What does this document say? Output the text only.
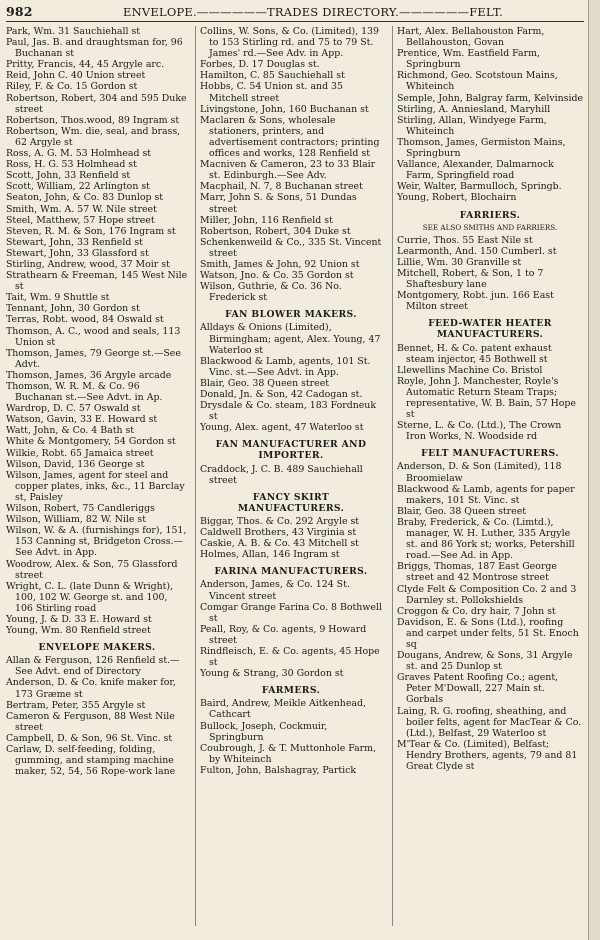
982	ENVELOPE.——————TRADES DIRECTORY.——————FELT.

Park, Wm. 31 Sauchiehall st

Paul, Jas. B. and draughtsman for, 96 Buchanan st

Pritty, Francis, 44, 45 Argyle arc.

Reid, John C. 40 Union street

Riley, F. & Co. 15 Gordon st

Robertson, Robert, 304 and 595 Duke street

Robertson, Thos.wood, 89 Ingram st

Robertson, Wm. die, seal, and brass, 62 Argyle st

Ross, A. G. M. 53 Holmhead st

Ross, H. G. 53 Holmhead st

Scott, John, 33 Renfield st

Scott, William, 22 Arlington st

Seaton, John, & Co. 83 Dunlop st

Smith, Wm. A. 57 W. Nile street

Steel, Matthew, 57 Hope street

Steven, R. M. & Son, 176 Ingram st

Stewart, John, 33 Renfield st

Stewart, John, 33 Glassford st

Stirling, Andrew, wood, 37 Moir st

Strathearn & Freeman, 145 West Nile st

Tait, Wm. 9 Shuttle st

Tennant, John, 30 Gordon st

Terras, Robt. wood, 84 Oswald st

Thomson, A. C., wood and seals, 113 Union st

Thomson, James, 79 George st.—See Advt.

Thomson, James, 36 Argyle arcade

Thomson, W. R. M. & Co. 96 Buchanan st.—See Advt. in Ap.

Wardrop, D. C. 57 Oswald st

Watson, Gavin, 33 E. Howard st

Watt, John, & Co. 4 Bath st

White & Montgomery, 54 Gordon st

Wilkie, Robt. 65 Jamaica street

Wilson, David, 136 George st

Wilson, James, agent for steel and copper plates, inks, &c., 11 Barclay st, Paisley

Wilson, Robert, 75 Candleriggs

Wilson, William, 82 W. Nile st

Wilson, W. & A. (furnishings for), 151, 153 Canning st, Bridgeton Cross.—See Advt. in App.

Woodrow, Alex. & Son, 75 Glassford street

Wright, C. L. (late Dunn & Wright), 100, 102 W. George st. and 100, 106 Stirling road

Young, J. & D. 33 E. Howard st

Young, Wm. 80 Renfield street

ENVELOPE MAKERS.

Allan & Ferguson, 126 Renfield st.—See Advt. end of Directory

Anderson, D. & Co. knife maker for, 173 Græme st

Bertram, Peter, 355 Argyle st

Cameron & Ferguson, 88 West Nile street

Campbell, D. & Son, 96 St. Vinc. st

Carlaw, D. self-feeding, folding, gumming, and stamping machine maker, 52, 54, 56 Rope-work lane

Collins, W. Sons, & Co. (Limited), 139 to 153 Stirling rd. and 75 to 79 St. James' rd.—See Adv. in App.

Forbes, D. 17 Douglas st.

Hamilton, C. 85 Sauchiehall st

Hobbs, C. 54 Union st. and 35 Mitchell street

Livingstone, John, 160 Buchanan st

Maclaren & Sons, wholesale stationers, printers, and advertisement contractors; printing offices and works, 128 Renfield st

Macniven & Cameron, 23 to 33 Blair st. Edinburgh.—See Adv.

Macphail, N. 7, 8 Buchanan street

Marr, John S. & Sons, 51 Dundas street

Miller, John, 116 Renfield st

Robertson, Robert, 304 Duke st

Schenkenweild & Co., 335 St. Vincent street

Smith, James & John, 92 Union st

Watson, Jno. & Co. 35 Gordon st

Wilson, Guthrie, & Co. 36 No. Frederick st

FAN BLOWER MAKERS.

Alldays & Onions (Limited), Birmingham; agent, Alex. Young, 47 Waterloo st

Blackwood & Lamb, agents, 101 St. Vinc. st.—See Advt. in App.

Blair, Geo. 38 Queen street

Donald, Jn. & Son, 42 Cadogan st.

Drysdale & Co. steam, 183 Fordneuk st

Young, Alex. agent, 47 Waterloo st

FAN MANUFACTURER AND IMPORTER.

Craddock, J. C. B. 489 Sauchiehall street

FANCY SKIRT MANUFACTURERS.

Biggar, Thos. & Co. 292 Argyle st

Caldwell Brothers, 43 Virginia st

Caskie, A. B. & Co. 43 Mitchell st

Holmes, Allan, 146 Ingram st

FARINA MANUFACTURERS.

Anderson, James, & Co. 124 St. Vincent street

Comgar Grange Farina Co. 8 Bothwell st

Peall, Roy, & Co. agents, 9 Howard street

Rindfleisch, E. & Co. agents, 45 Hope st

Young & Strang, 30 Gordon st

FARMERS.

Baird, Andrew, Meikle Aitkenhead, Cathcart

Bullock, Joseph, Cockmuir, Springburn

Coubrough, J. & T. Muttonhole Farm, by Whiteinch

Fulton, John, Balshagray, Partick

Hart, Alex. Bellahouston Farm, Bellahouston, Govan

Prentice, Wm. Eastfield Farm, Springburn

Richmond, Geo. Scotstoun Mains, Whiteinch

Semple, John, Balgray farm, Kelvinside

Stirling, A. Anniesland, Maryhill

Stirling, Allan, Windyege Farm, Whiteinch

Thomson, James, Germiston Mains, Springburn

Vallance, Alexander, Dalmarnock Farm, Springfield road

Weir, Walter, Barmulloch, Springb.

Young, Robert, Blochairn

FARRIERS.

SEE ALSO SMITHS AND FARRIERS.

Currie, Thos. 55 East Nile st

Learmonth, And. 150 Cumberl. st

Lillie, Wm. 30 Granville st

Mitchell, Robert, & Son, 1 to 7 Shaftesbury lane

Montgomery, Robt. jun. 166 East Milton street

FEED-WATER HEATER MANUFACTURERS.

Bennet, H. & Co. patent exhaust steam injector, 45 Bothwell st

Llewellins Machine Co. Bristol

Royle, John J. Manchester, Royle's Automatic Return Steam Traps; representative, W. B. Bain, 57 Hope st

Sterne, L. & Co. (Ltd.), The Crown Iron Works, N. Woodside rd

FELT MANUFACTURERS.

Anderson, D. & Son (Limited), 118 Broomielaw

Blackwood & Lamb, agents for paper makers, 101 St. Vinc. st

Blair, Geo. 38 Queen street

Braby, Frederick, & Co. (Limtd.), manager, W. H. Luther, 335 Argyle st. and 86 York st; works, Petershill road.—See Ad. in App.

Briggs, Thomas, 187 East George street and 42 Montrose street

Clyde Felt & Composition Co. 2 and 3 Darnley st. Pollokshields

Croggon & Co. dry hair, 7 John st

Davidson, E. & Sons (Ltd.), roofing and carpet under felts, 51 St. Enoch sq

Dougans, Andrew, & Sons, 31 Argyle st. and 25 Dunlop st

Graves Patent Roofing Co.; agent, Peter M'Dowall, 227 Main st. Gorbals

Laing, R. G. roofing, sheathing, and boiler felts, agent for MacTear & Co. (Ltd.), Belfast, 29 Waterloo st

M'Tear & Co. (Limited), Belfast; Hendry Brothers, agents, 79 and 81 Great Clyde st
